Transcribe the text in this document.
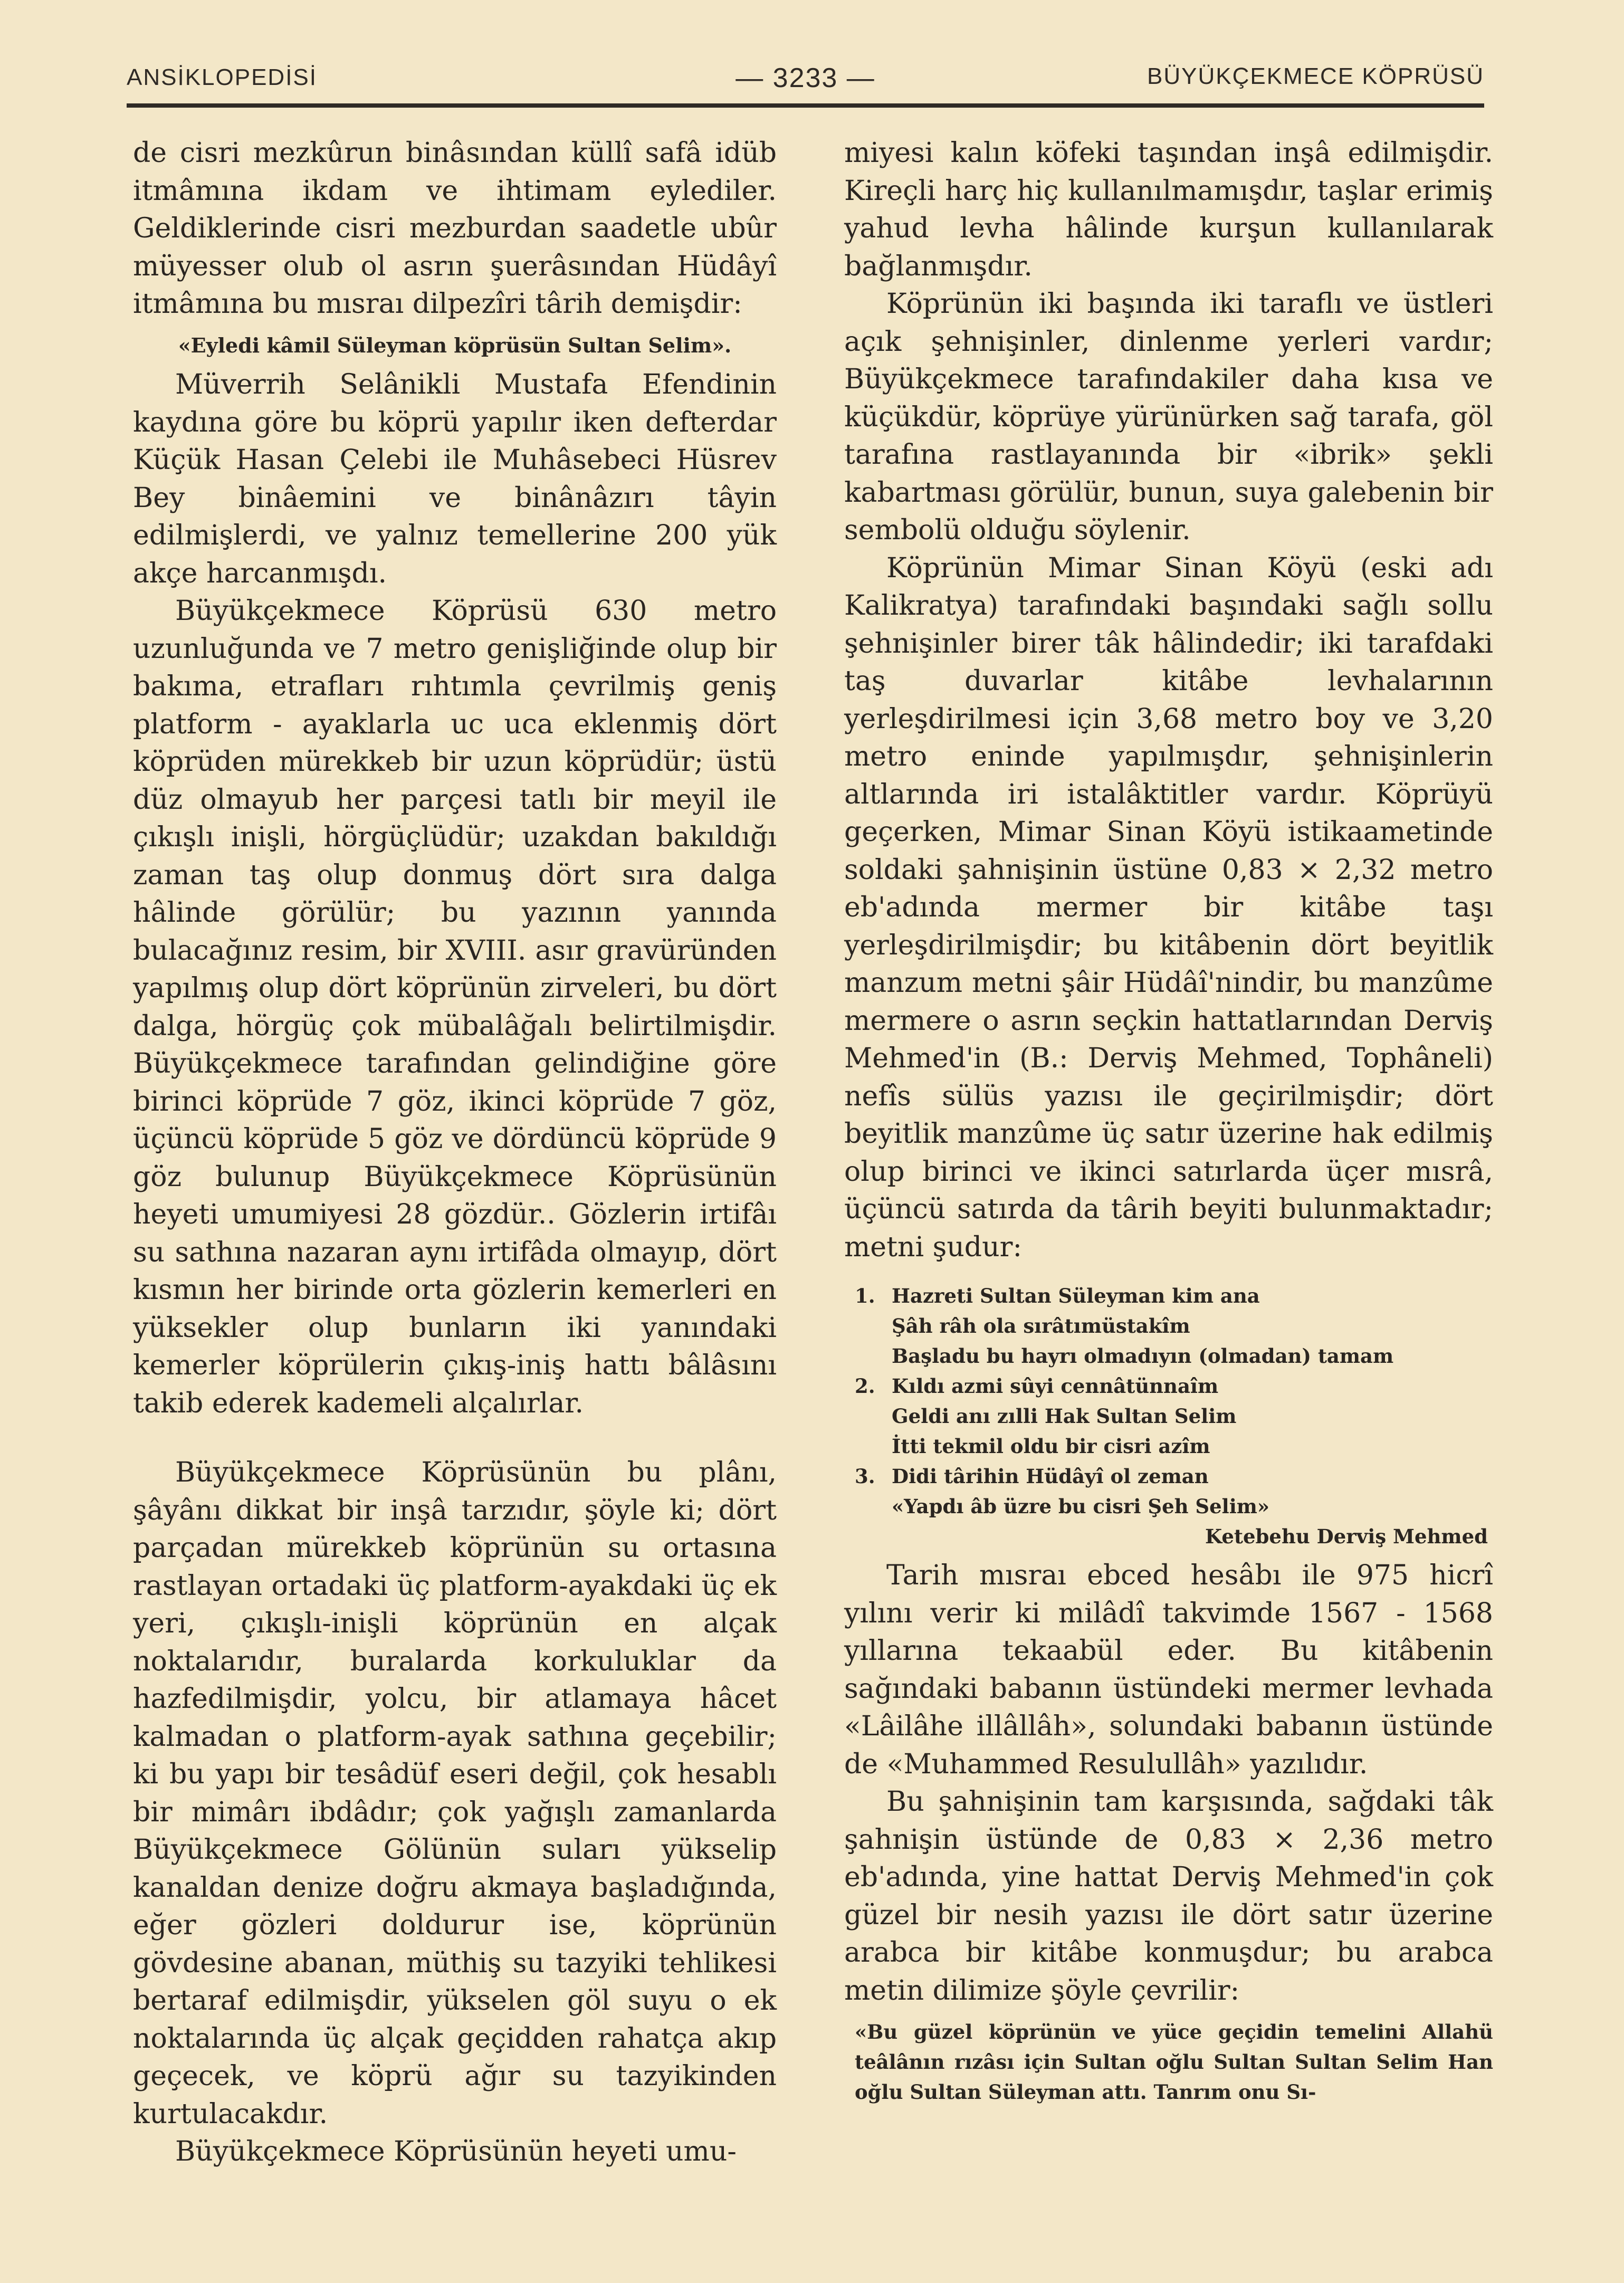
ANSİKLOPEDİSİ	— 3233 —	BÜYÜKÇEKMECE KÖPRÜSÜ

de cisri mezkûrun binâsından küllî safâ idüb itmâmına ikdam ve ihtimam eylediler. Geldiklerinde cisri mezburdan saadetle ubûr müyesser olub ol asrın şuerâsından Hüdâyî itmâmına bu mısraı dilpezîri târih demişdir:

«Eyledi kâmil Süleyman köprüsün Sultan Selim».

Müverrih Selânikli Mustafa Efendinin kaydına göre bu köprü yapılır iken defterdar Küçük Hasan Çelebi ile Muhâsebeci Hüsrev Bey binâemini ve binânâzırı tâyin edilmişlerdi, ve yalnız temellerine 200 yük akçe harcanmışdı.

Büyükçekmece Köprüsü 630 metro uzunluğunda ve 7 metro genişliğinde olup bir bakıma, etrafları rıhtımla çevrilmiş geniş platform - ayaklarla uc uca eklenmiş dört köprüden mürekkeb bir uzun köprüdür; üstü düz olmayub her parçesi tatlı bir meyil ile çıkışlı inişli, hörgüçlüdür; uzakdan bakıldığı zaman taş olup donmuş dört sıra dalga hâlinde görülür; bu yazının yanında bulacağınız resim, bir XVIII. asır gravüründen yapılmış olup dört köprünün zirveleri, bu dört dalga, hörgüç çok mübalâğalı belirtilmişdir. Büyükçekmece tarafından gelindiğine göre birinci köprüde 7 göz, ikinci köprüde 7 göz, üçüncü köprüde 5 göz ve dördüncü köprüde 9 göz bulunup Büyükçekmece Köprüsünün heyeti umumiyesi 28 gözdür.. Gözlerin irtifâı su sathına nazaran aynı irtifâda olmayıp, dört kısmın her birinde orta gözlerin kemerleri en yüksekler olup bunların iki yanındaki kemerler köprülerin çıkış-iniş hattı bâlâsını takib ederek kademeli alçalırlar.

Büyükçekmece Köprüsünün bu plânı, şâyânı dikkat bir inşâ tarzıdır, şöyle ki; dört parçadan mürekkeb köprünün su ortasına rastlayan ortadaki üç platform-ayakdaki üç ek yeri, çıkışlı-inişli köprünün en alçak noktalarıdır, buralarda korkuluklar da hazfedilmişdir, yolcu, bir atlamaya hâcet kalmadan o platform-ayak sathına geçebilir; ki bu yapı bir tesâdüf eseri değil, çok hesablı bir mimârı ibdâdır; çok yağışlı zamanlarda Büyükçekmece Gölünün suları yükselip kanaldan denize doğru akmaya başladığında, eğer gözleri doldurur ise, köprünün gövdesine abanan, müthiş su tazyiki tehlikesi bertaraf edilmişdir, yükselen göl suyu o ek noktalarında üç alçak geçidden rahatça akıp geçecek, ve köprü ağır su tazyikinden kurtulacakdır.

Büyükçekmece Köprüsünün heyeti umu-

miyesi kalın köfeki taşından inşâ edilmişdir. Kireçli harç hiç kullanılmamışdır, taşlar erimiş yahud levha hâlinde kurşun kullanılarak bağlanmışdır.

Köprünün iki başında iki taraflı ve üstleri açık şehnişinler, dinlenme yerleri vardır; Büyükçekmece tarafındakiler daha kısa ve küçükdür, köprüye yürünürken sağ tarafa, göl tarafına rastlayanında bir «ibrik» şekli kabartması görülür, bunun, suya galebenin bir sembolü olduğu söylenir.

Köprünün Mimar Sinan Köyü (eski adı Kalikratya) tarafındaki başındaki sağlı sollu şehnişinler birer tâk hâlindedir; iki tarafdaki taş duvarlar kitâbe levhalarının yerleşdirilmesi için 3,68 metro boy ve 3,20 metro eninde yapılmışdır, şehnişinlerin altlarında iri istalâktitler vardır. Köprüyü geçerken, Mimar Sinan Köyü istikaametinde soldaki şahnişinin üstüne 0,83 × 2,32 metro eb'adında mermer bir kitâbe taşı yerleşdirilmişdir; bu kitâbenin dört beyitlik manzum metni şâir Hüdâî'nindir, bu manzûme mermere o asrın seçkin hattatlarından Derviş Mehmed'in (B.: Derviş Mehmed, Tophâneli) nefîs sülüs yazısı ile geçirilmişdir; dört beyitlik manzûme üç satır üzerine hak edilmiş olup birinci ve ikinci satırlarda üçer mısrâ, üçüncü satırda da târih beyiti bulunmaktadır; metni şudur:

1. Hazreti Sultan Süleyman kim ana
Şâh râh ola sırâtımüstakîm
Başladu bu hayrı olmadıyın (olmadan) tamam
2. Kıldı azmi sûyi cennâtünnaîm
Geldi anı zılli Hak Sultan Selim
İtti tekmil oldu bir cisri azîm
3. Didi târihin Hüdâyî ol zeman
«Yapdı âb üzre bu cisri Şeh Selim»
Ketebehu Derviş Mehmed

Tarih mısraı ebced hesâbı ile 975 hicrî yılını verir ki milâdî takvimde 1567 - 1568 yıllarına tekaabül eder. Bu kitâbenin sağındaki babanın üstündeki mermer levhada «Lâilâhe illâllâh», solundaki babanın üstünde de «Muhammed Resulullâh» yazılıdır.

Bu şahnişinin tam karşısında, sağdaki tâk şahnişin üstünde de 0,83 × 2,36 metro eb'adında, yine hattat Derviş Mehmed'in çok güzel bir nesih yazısı ile dört satır üzerine arabca bir kitâbe konmuşdur; bu arabca metin dilimize şöyle çevrilir:

«Bu güzel köprünün ve yüce geçidin temelini Allahü teâlânın rızâsı için Sultan oğlu Sultan Sultan Selim Han oğlu Sultan Süleyman attı. Tanrım onu Sı-
